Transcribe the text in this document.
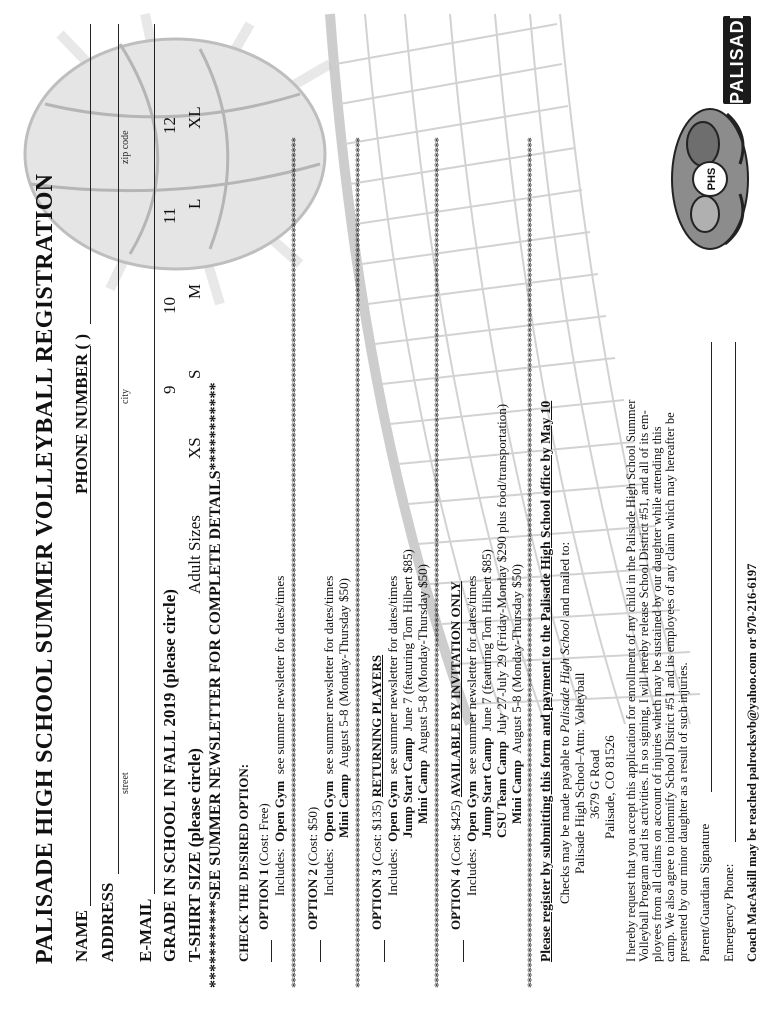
PALISADE HIGH SCHOOL SUMMER VOLLEYBALL REGISTRATION NAME
PHONE NUMBER ( )
ADDRESS
street
city
zip code
E-MAIL GRADE IN SCHOOL IN FALL 2019 (please circle)
9
10
11
12
T-SHIRT SIZE (please circle)
Adult Sizes
XS
S
M
L
XL
***********SEE SUMMER NEWSLETTER FOR COMPLETE DETAILS*********** CHECK THE DESIRED OPTION: OPTION 1 (Cost: Free)
Includes:  Open Gym  see summer newsletter for dates/times ************************************************************************************************************************************************************************** OPTION 2 (Cost: $50)
Includes:  Open Gym  see summer newsletter for dates/times
Mini Camp  August 5-8 (Monday-Thursday $50) ************************************************************************************************************************************************************************** OPTION 3 (Cost: $135) RETURNING PLAYERS
Includes:  Open Gym  see summer newsletter for dates/times
Jump Start Camp  June 7 (featuring Tom Hilbert $85)
Mini Camp  August 5-8 (Monday-Thursday $50) ************************************************************************************************************************************************************************** OPTION 4 (Cost: $425) AVAILABLE BY INVITATION ONLY
Includes:  Open Gym  see summer newsletter for dates/times
Jump Start Camp  June 7 (featuring Tom Hilbert $85)
CSU Team Camp  July 27-July 29 (Friday-Monday $290 plus food/transportation)
Mini Camp  August 5-8 (Monday-Thursday $50) ************************************************************************************************************************************************************************** Please register by submitting this form and payment to the Palisade High School office by May 10 Checks may be made payable to Palisade High School and mailed to:
Palisade High School–Attn: Volleyball 3679 G Road Palisade, CO 81526 I hereby request that you accept this application for enrollment of my child in the Palisade High School Summer Volleyball Program and its activities. In so signing, I will hereby release School District #51, and all of its em- ployees from all claims on account of injuries which may be sustained by our daughter while attending this camp. We also agree to indemnify School District #51 and its employees of any claim which may hereafter be presented by our minor daughter as a result of such injuries. Parent/Guardian Signature Emergency Phone: Coach MacAskill may be reached palrocksvb@yahoo.com or 970-216-6197
PHS
PALISADE
